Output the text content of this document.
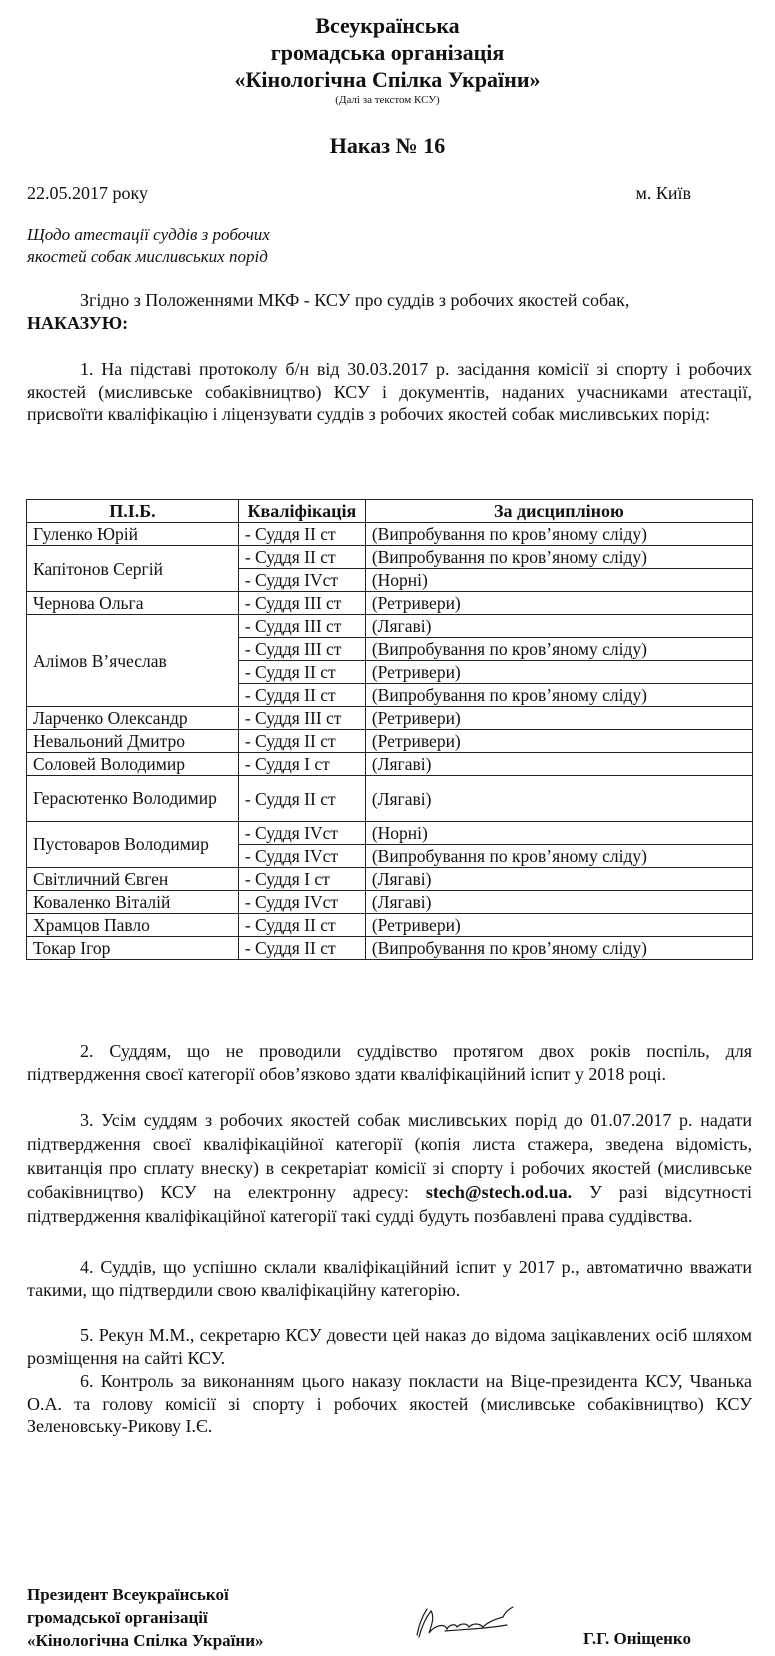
Всеукраїнська
громадська організація
«Кінологічна Спілка України»
(Далі за текстом КСУ)
Наказ № 16
22.05.2017 року	м. Київ
Щодо атестації суддів з робочих
якостей собак мисливських порід
Згідно з Положеннями МКФ - КСУ про суддів з робочих якостей собак,
НАКАЗУЮ:
1. На підставі протоколу б/н від 30.03.2017 р. засідання комісії зі спорту і робочих якостей (мисливське собаківництво) КСУ і документів, наданих учасниками атестації, присвоїти кваліфікацію і ліцензувати суддів з робочих якостей собак мисливських порід:
П.І.Б.	Кваліфікація	За дисципліною
Гуленко Юрій	- Суддя II ст	(Випробування по кров’яному сліду)
Капітонов Сергій	- Суддя II ст	(Випробування по кров’яному сліду)
	- Суддя IVст	(Норні)
Чернова Ольга	- Суддя III ст	(Ретривери)
Алімов В’ячеслав	- Суддя III ст	(Лягаві)
	- Суддя III ст	(Випробування по кров’яному сліду)
	- Суддя II ст	(Ретривери)
	- Суддя II ст	(Випробування по кров’яному сліду)
Ларченко Олександр	- Суддя III ст	(Ретривери)
Невальоний Дмитро	- Суддя II ст	(Ретривери)
Соловей Володимир	- Суддя I ст	(Лягаві)
Герасютенко Володимир	- Суддя II ст	(Лягаві)
Пустоваров Володимир	- Суддя IVст	(Норні)
	- Суддя IVст	(Випробування по кров’яному сліду)
Світличний Євген	- Суддя I ст	(Лягаві)
Коваленко Віталій	- Суддя IVст	(Лягаві)
Храмцов Павло	- Суддя II ст	(Ретривери)
Токар Ігор	- Суддя II ст	(Випробування по кров’яному сліду)
2. Суддям, що не проводили суддівство протягом двох років поспіль, для підтвердження своєї категорії обов’язково здати кваліфікаційний іспит у 2018 році.
3. Усім суддям з робочих якостей собак мисливських порід до 01.07.2017 р. надати підтвердження своєї кваліфікаційної категорії (копія листа стажера, зведена відомість, квитанція про сплату внеску) в секретаріат комісії зі спорту і робочих якостей (мисливське собаківництво) КСУ на електронну адресу: stech@stech.od.ua. У разі відсутності підтвердження кваліфікаційної категорії такі судді будуть позбавлені права суддівства.
4. Суддів, що успішно склали кваліфікаційний іспит у 2017 р., автоматично вважати такими, що підтвердили свою кваліфікаційну категорію.
5. Рекун М.М., секретарю КСУ довести цей наказ до відома зацікавлених осіб шляхом розміщення на сайті КСУ.
6. Контроль за виконанням цього наказу покласти на Віце-президента КСУ, Чванька О.А. та голову комісії зі спорту і робочих якостей (мисливське собаківництво) КСУ Зеленовську-Рикову І.Є.
Президент Всеукраїнської
громадської організації
«Кінологічна Спілка України»	Г.Г. Оніщенко
